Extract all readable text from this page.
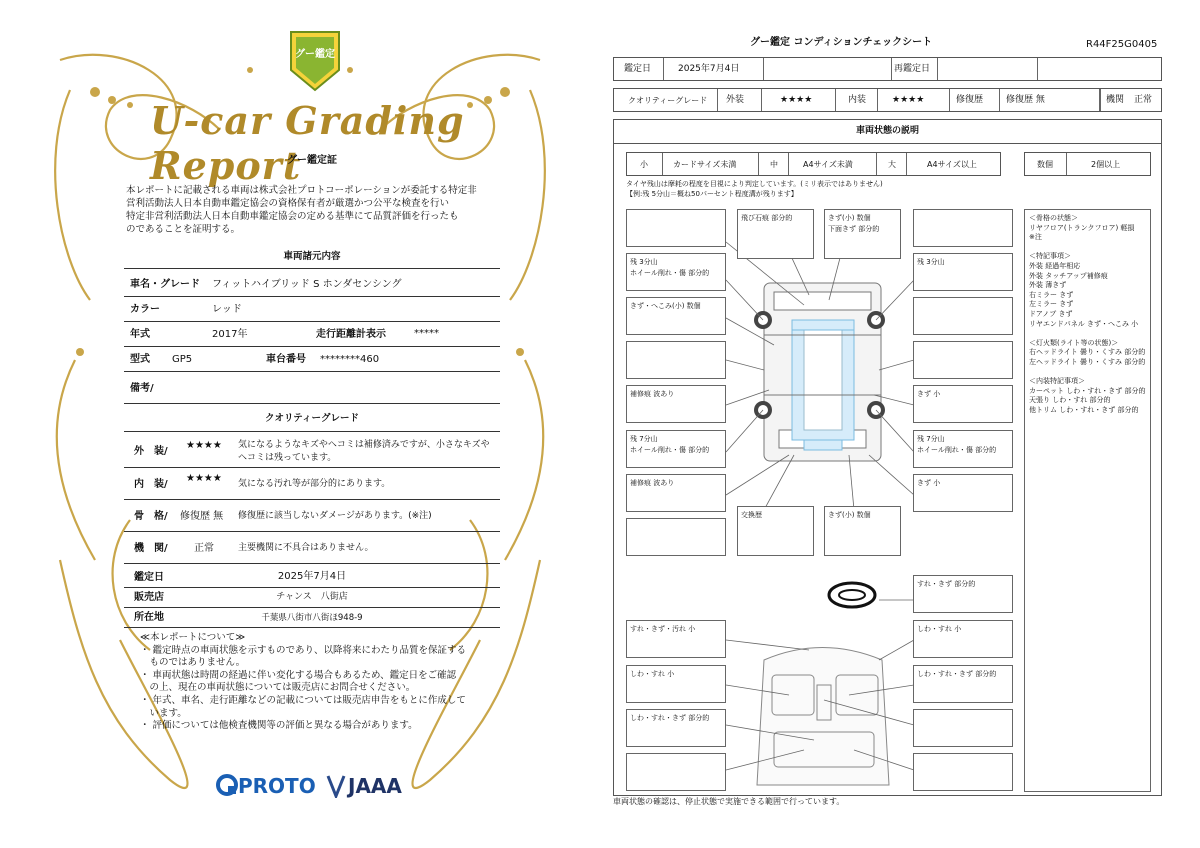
グー鑑定
U-car Grading Report
グー鑑定証
本レポートに記載される車両は株式会社プロトコーポレーションが委託する特定非
営利活動法人日本自動車鑑定協会の資格保有者が厳選かつ公平な検査を行い
特定非営利活動法人日本自動車鑑定協会の定める基準にて品質評価を行ったも
のであることを証明する。
車両諸元内容
車名・グレード フィットハイブリッド S ホンダセンシング
カラー	レッド
年式	2017年	走行距離計表示	*****
型式 GP5	車台番号 ********460
備考/
クオリティーグレード
外　装/
★★★★ 気になるようなキズやヘコミは補修済みですが、小さなキズや
ヘコミは残っています。
内　装/
★★★★ 気になる汚れ等が部分的にあります。
骨　格/ 修復歴 無 修復歴に該当しないダメージがあります。(※注)
機　関/	正常	主要機関に不具合はありません。
鑑定日	2025年7月4日
販売店	チャンス　八街店
所在地	千葉県八街市八街ほ948-9
≪本レポートについて≫
・ 鑑定時点の車両状態を示すものであり、以降将来にわたり品質を保証する
　ものではありません。
・ 車両状態は時間の経過に伴い変化する場合もあるため、鑑定日をご確認
　の上、現在の車両状態については販売店にお問合せください。
・ 年式、車名、走行距離などの記載については販売店申告をもとに作成して
　います。
・ 評価については他検査機関等の評価と異なる場合があります。
PROTO JAAA
グー鑑定 コンディションチェックシート	R44F25G0405
鑑定日	2025年7月4日	再鑑定日
クオリティーグレード 外装	★★★★	内装	★★★★	修復歴	修復歴 無	機関 正常
車両状態の説明
小	カードサイズ未満	中	A4サイズ未満	大	A4サイズ以上	数個	2個以上
タイヤ残山は摩耗の程度を目視により判定しています。(ミリ表示ではありません)
【例:残 5分山＝概ね50パーセント程度溝が残ります】
残 3分山
ホイール削れ・傷 部分的
きず・へこみ(小) 数個
補修痕 波あり
残 7分山
ホイール削れ・傷 部分的
補修痕 波あり
飛び石痕 部分的	きず(小) 数個
下面きず 部分的
交換歴	きず(小) 数個
残 3分山
きず 小
残 7分山
ホイール削れ・傷 部分的
きず 小
すれ・きず 部分的
すれ・きず・汚れ 小	しわ・すれ 小
しわ・すれ 小	しわ・すれ・きず 部分的
しわ・すれ・きず 部分的
＜骨格の状態＞
リヤフロア(トランクフロア) 軽損
※注
＜特記事項＞
外装 経過年相応
外装 タッチアップ補修痕
外装 薄きず
右ミラー きず
左ミラー きず
ドアノブ きず
リヤエンドパネル きず・へこみ 小
＜灯火類(ライト等の状態)＞
右ヘッドライト 曇り・くすみ 部分的
左ヘッドライト 曇り・くすみ 部分的
＜内装特記事項＞
カーペット しわ・すれ・きず 部分的
天張り しわ・すれ 部分的
他トリム しわ・すれ・きず 部分的
車両状態の確認は、停止状態で実施できる範囲で行っています。
